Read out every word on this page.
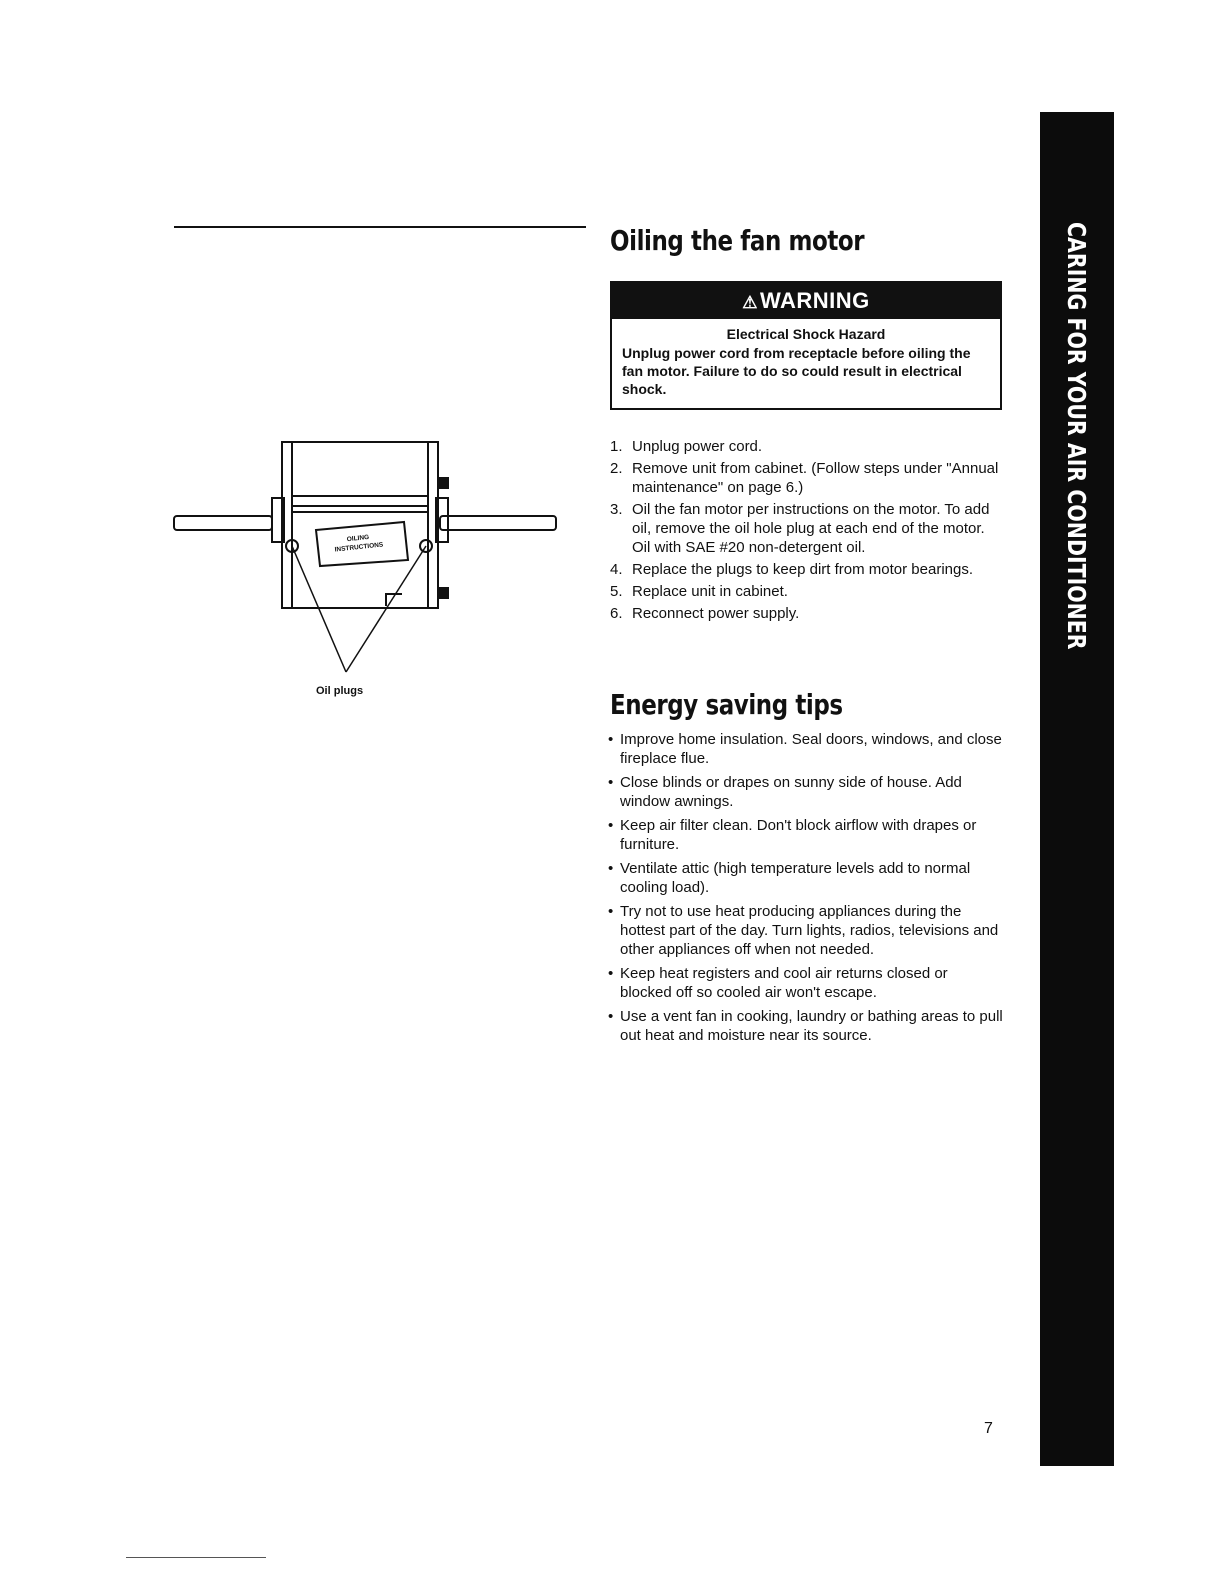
OILING
INSTRUCTIONS
Oil plugs
Oiling the fan motor
⚠WARNING
Electrical Shock Hazard
Unplug power cord from receptacle before oiling the fan motor. Failure to do so could result in electrical shock.
1. Unplug power cord.
2. Remove unit from cabinet. (Follow steps under "Annual maintenance" on page 6.)
3. Oil the fan motor per instructions on the motor. To add oil, remove the oil hole plug at each end of the motor. Oil with SAE #20 non-detergent oil.
4. Replace the plugs to keep dirt from motor bearings.
5. Replace unit in cabinet.
6. Reconnect power supply.
Energy saving tips
• Improve home insulation. Seal doors, windows, and close fireplace flue.
• Close blinds or drapes on sunny side of house. Add window awnings.
• Keep air filter clean. Don't block airflow with drapes or furniture.
• Ventilate attic (high temperature levels add to normal cooling load).
• Try not to use heat producing appliances during the hottest part of the day. Turn lights, radios, televisions and other appliances off when not needed.
• Keep heat registers and cool air returns closed or blocked off so cooled air won't escape.
• Use a vent fan in cooking, laundry or bathing areas to pull out heat and moisture near its source.
CARING FOR YOUR AIR CONDITIONER
7
